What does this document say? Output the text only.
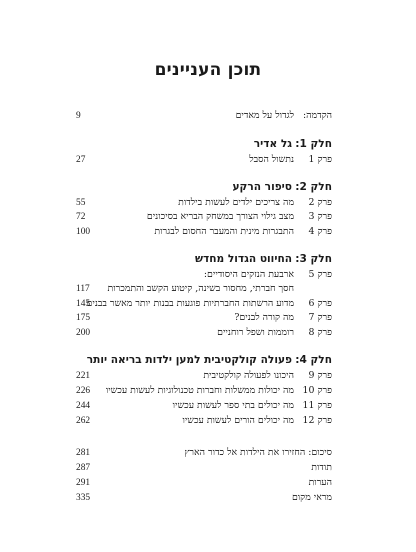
תוכן העניינים
הקדמה:
לגדול על מאדים
9
חלק 1:
גל אדיר
פרק 1
נתשול הסבל
27
חלק 2:
סיפור הרקע
פרק 2
מה צריכים ילדים לעשות בילדות
55
פרק 3
מצב גילוי הצורך במשחק הבריא בסיכונים
72
פרק 4
התבגרות מינית והמעבר החסום לבגרות
100
חלק 3:
החיווט הגדול מחדש
פרק 5
ארבעת הנזקים היסודיים:
חסך חברתי, מחסור בשינה, קיטוע הקשב והתמכרות
117
פרק 6
מדוע הרשתות החברתיות פוגעות בבנות יותר מאשר בבנים
145
פרק 7
מה קורה לבנים?
175
פרק 8
רוממות ושפל רוחניים
200
חלק 4:
פעולה קולקטיבית למען ילדות בריאה יותר
פרק 9
היכונו לפעולה קולקטיבית
221
פרק 10
מה יכולות ממשלות וחברות טכנולוגיות לעשות עכשיו
226
פרק 11
מה יכולים בתי ספר לעשות עכשיו
244
פרק 12
מה יכולים הורים לעשות עכשיו
262
סיכום: החזירו את הילדות אל כדור הארץ
281
תודות
287
הערות
291
מראי מקום
335
